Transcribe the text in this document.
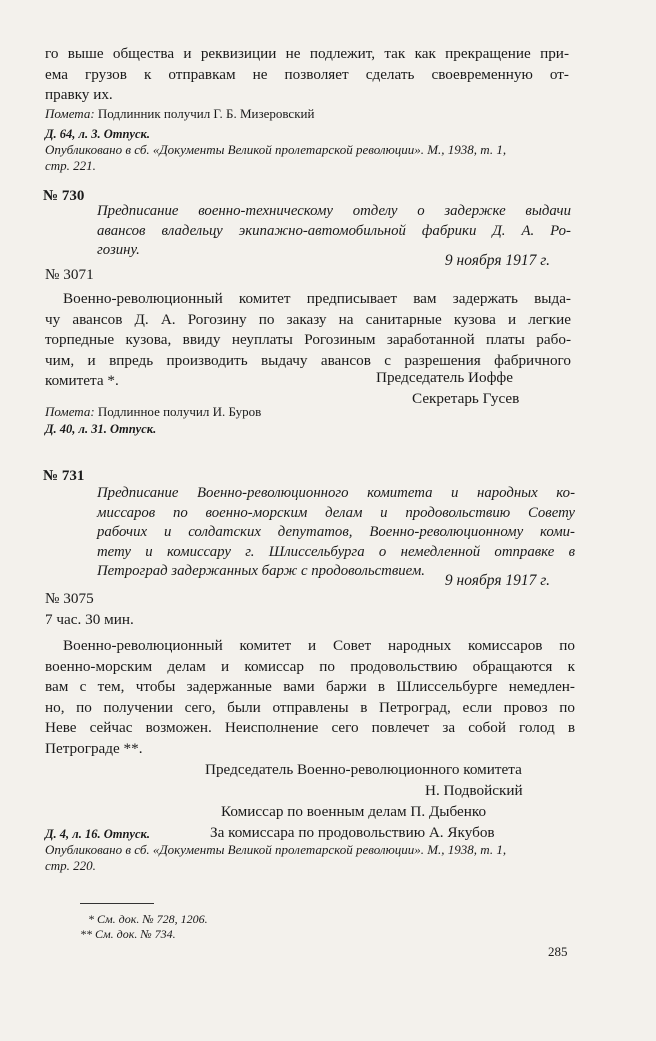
го выше общества и реквизиции не подлежит, так как прекращение при-
ема грузов к отправкам не позволяет сделать своевременную от-
правку их.
Помета: Подлинник получил Г. Б. Мизеровский
Д. 64, л. 3. Отпуск.
Опубликовано в сб. «Документы Великой пролетарской революции». М., 1938, т. 1,
стр. 221.
№ 730
Предписание военно-техническому отделу о задержке выдачи
авансов владельцу экипажно-автомобильной фабрики Д. А. Ро-
гозину.
9 ноября 1917 г.
№ 3071
Военно-революционный комитет предписывает вам задержать выда-
чу авансов Д. А. Рогозину по заказу на санитарные кузова и легкие
торпедные кузова, ввиду неуплаты Рогозиным заработанной платы рабо-
чим, и впредь производить выдачу авансов с разрешения фабричного
комитета *.	Председатель Иоффе
Секретарь Гусев
Помета: Подлинное получил И. Буров
Д. 40, л. 31. Отпуск.
№ 731
Предписание Военно-революционного комитета и народных ко-
миссаров по военно-морским делам и продовольствию Совету
рабочих и солдатских депутатов, Военно-революционному коми-
тету и комиссару г. Шлиссельбурга о немедленной отправке в
Петроград задержанных барж с продовольствием.
9 ноября 1917 г.
№ 3075
7 час. 30 мин.
Военно-революционный комитет и Совет народных комиссаров по
военно-морским делам и комиссар по продовольствию обращаются к
вам с тем, чтобы задержанные вами баржи в Шлиссельбурге немедлен-
но, по получении сего, были отправлены в Петроград, если провоз по
Неве сейчас возможен. Неисполнение сего повлечет за собой голод в
Петрограде **.
Председатель Военно-революционного комитета
Н. Подвойский
Комиссар по военным делам П. Дыбенко
За комиссара по продовольствию А. Якубов
Д. 4, л. 16. Отпуск.
Опубликовано в сб. «Документы Великой пролетарской революции». М., 1938, т. 1,
стр. 220.
* См. док. № 728, 1206.
** См. док. № 734.
285
